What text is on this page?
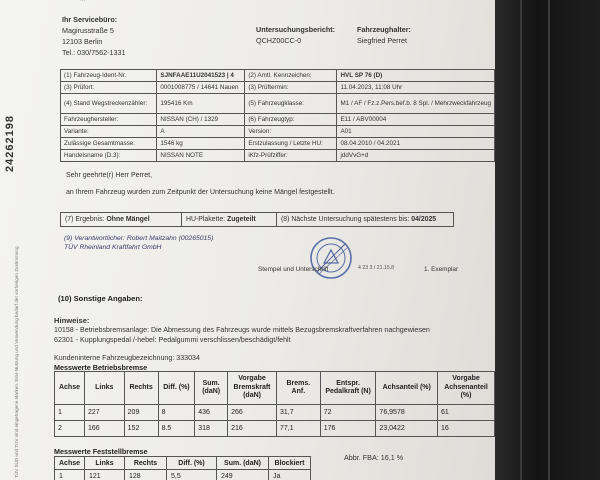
...
24262198
TÜV SÜD und TÜV sind eingetragene Marken. Eine Nutzung und Verwendung bedarf der vorherigen Zustimmung
Ihr Servicebüro:
Magirusstraße 5
12103 Berlin
Tel.: 030/7562-1331
Untersuchungsbericht:
QCHZ00CC-0
Fahrzeughalter:
Siegfried Perret
(1) Fahrzeug-Ident-Nr.	SJNFAAE11U2041523 | 4	(2) Amtl. Kennzeichen:	HVL SP 76 (D)
(3) Prüfort:	0001008775 / 14641 Nauen	(3) Prüftermin:	11.04.2023, 11:08 Uhr
(4) Stand Wegstreckenzähler:	195416 Km	(5) Fahrzeugklasse:	M1 / AF / Fz.z.Pers.bef.b. 8 Spl. / Mehrzweckfahrzeug
Fahrzeughersteller:	NISSAN (CH) / 1329	(6) Fahrzeugtyp:	E11 / ABV00004
Variante:	A	Version:	A01
Zulässige Gesamtmasse:	1546 kg	Erstzulassung / Letzte HU:	08.04.2010 / 04.2021
Handelsname (D.3):	NISSAN NOTE	iKfz-Prüfziffer:	jddVvG+d
Sehr geehrte(r) Herr Perret,
an Ihrem Fahrzeug wurden zum Zeitpunkt der Untersuchung keine Mängel festgestellt.
(7) Ergebnis: Ohne Mängel	HU-Plakette: Zugeteilt	(8) Nächste Untersuchung spätestens bis: 04/2025
(9) Verantwortlicher: Robert Maitzahn (00265015)
TÜV Rheinland Kraftfahrt GmbH
Stempel und Unterschrift	4 23 3 / 21.15.8	1. Exemplar
(10) Sonstige Angaben:
Hinweise:
10158 - Betriebsbremsanlage: Die Abmessung des Fahrzeugs wurde mittels Bezugsbremskraftverfahren nachgewiesen
62301 - Kupplungspedal /-hebel: Pedalgummi verschlissen/beschädigt/fehlt
Kundeninterne Fahrzeugbezeichnung: 333034
Messwerte Betriebsbremse
Achse	Links	Rechts	Diff. (%)	Sum. (daN)	Vorgabe Bremskraft (daN)	Brems. Anf.	Entspr. Pedalkraft (N)	Achsanteil (%)	Vorgabe Achsenanteil (%)
1	227	209	8	436	266	31,7	72	76,9578	61
2	166	152	8.5	318	216	77,1	176	23,0422	16
Messwerte Feststellbremse
Achse	Links	Rechts	Diff. (%)	Sum. (daN)	Blockiert
1	121	128	5,5	249	Ja
Abbr. FBA: 16,1 %
